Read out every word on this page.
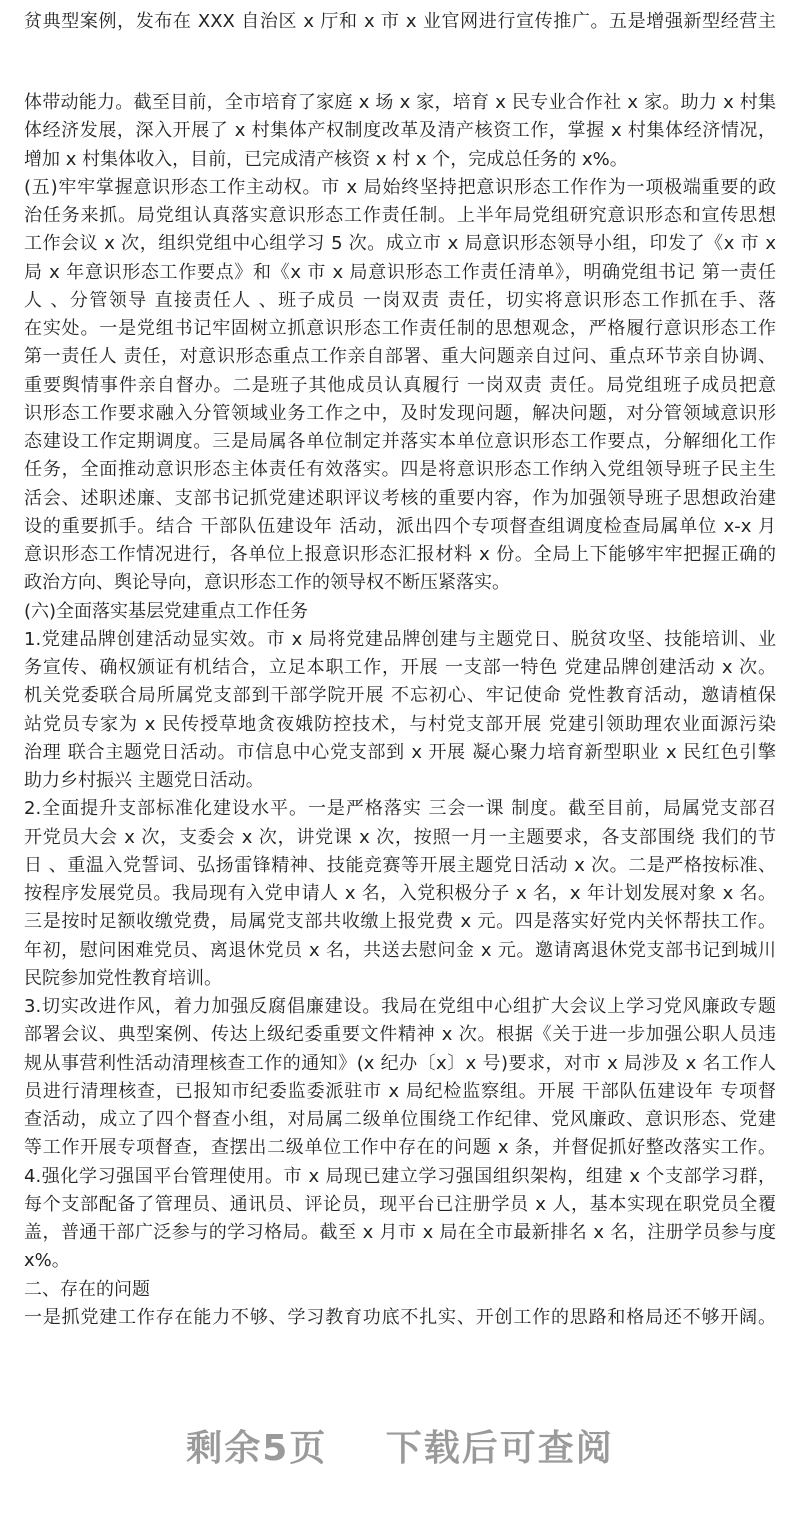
贫典型案例，发布在 XXX 自治区 x 厅和 x 市 x 业官网进行宣传推广。五是增强新型经营主
体带动能力。截至目前，全市培育了家庭 x 场 x 家，培育 x 民专业合作社 x 家。助力 x 村集
体经济发展，深入开展了 x 村集体产权制度改革及清产核资工作，掌握 x 村集体经济情况，
增加 x 村集体收入，目前，已完成清产核资 x 村 x 个，完成总任务的 x%。
(五)牢牢掌握意识形态工作主动权。市 x 局始终坚持把意识形态工作作为一项极端重要的政
治任务来抓。局党组认真落实意识形态工作责任制。上半年局党组研究意识形态和宣传思想
工作会议 x 次，组织党组中心组学习 5 次。成立市 x 局意识形态领导小组，印发了《x 市 x
局 x 年意识形态工作要点》和《x 市 x 局意识形态工作责任清单》，明确党组书记 第一责任
人 、分管领导 直接责任人 、班子成员 一岗双责 责任，切实将意识形态工作抓在手、落
在实处。一是党组书记牢固树立抓意识形态工作责任制的思想观念，严格履行意识形态工作
第一责任人 责任，对意识形态重点工作亲自部署、重大问题亲自过问、重点环节亲自协调、
重要舆情事件亲自督办。二是班子其他成员认真履行 一岗双责 责任。局党组班子成员把意
识形态工作要求融入分管领域业务工作之中，及时发现问题，解决问题，对分管领域意识形
态建设工作定期调度。三是局属各单位制定并落实本单位意识形态工作要点，分解细化工作
任务，全面推动意识形态主体责任有效落实。四是将意识形态工作纳入党组领导班子民主生
活会、述职述廉、支部书记抓党建述职评议考核的重要内容，作为加强领导班子思想政治建
设的重要抓手。结合 干部队伍建设年 活动，派出四个专项督查组调度检查局属单位 x-x 月
意识形态工作情况进行，各单位上报意识形态汇报材料 x 份。全局上下能够牢牢把握正确的
政治方向、舆论导向，意识形态工作的领导权不断压紧落实。
(六)全面落实基层党建重点工作任务
1.党建品牌创建活动显实效。市 x 局将党建品牌创建与主题党日、脱贫攻坚、技能培训、业
务宣传、确权颁证有机结合，立足本职工作，开展 一支部一特色 党建品牌创建活动 x 次。
机关党委联合局所属党支部到干部学院开展 不忘初心、牢记使命 党性教育活动，邀请植保
站党员专家为 x 民传授草地贪夜娥防控技术，与村党支部开展 党建引领助理农业面源污染
治理 联合主题党日活动。市信息中心党支部到 x 开展 凝心聚力培育新型职业 x 民红色引擎
助力乡村振兴 主题党日活动。
2.全面提升支部标准化建设水平。一是严格落实 三会一课 制度。截至目前，局属党支部召
开党员大会 x 次，支委会 x 次，讲党课 x 次，按照一月一主题要求，各支部围绕 我们的节
日 、重温入党誓词、弘扬雷锋精神、技能竞赛等开展主题党日活动 x 次。二是严格按标准、
按程序发展党员。我局现有入党申请人 x 名，入党积极分子 x 名，x 年计划发展对象 x 名。
三是按时足额收缴党费，局属党支部共收缴上报党费 x 元。四是落实好党内关怀帮扶工作。
年初，慰问困难党员、离退休党员 x 名，共送去慰问金 x 元。邀请离退休党支部书记到城川
民院参加党性教育培训。
3.切实改进作风，着力加强反腐倡廉建设。我局在党组中心组扩大会议上学习党风廉政专题
部署会议、典型案例、传达上级纪委重要文件精神 x 次。根据《关于进一步加强公职人员违
规从事营利性活动清理核查工作的通知》(x 纪办〔x〕x 号)要求，对市 x 局涉及 x 名工作人
员进行清理核查，已报知市纪委监委派驻市 x 局纪检监察组。开展 干部队伍建设年 专项督
查活动，成立了四个督查小组，对局属二级单位围绕工作纪律、党风廉政、意识形态、党建
等工作开展专项督查，查摆出二级单位工作中存在的问题 x 条，并督促抓好整改落实工作。
4.强化学习强国平台管理使用。市 x 局现已建立学习强国组织架构，组建 x 个支部学习群，
每个支部配备了管理员、通讯员、评论员，现平台已注册学员 x 人，基本实现在职党员全覆
盖，普通干部广泛参与的学习格局。截至 x 月市 x 局在全市最新排名 x 名，注册学员参与度
x%。
二、存在的问题
一是抓党建工作存在能力不够、学习教育功底不扎实、开创工作的思路和格局还不够开阔。
剩余5页 下载后可查阅
